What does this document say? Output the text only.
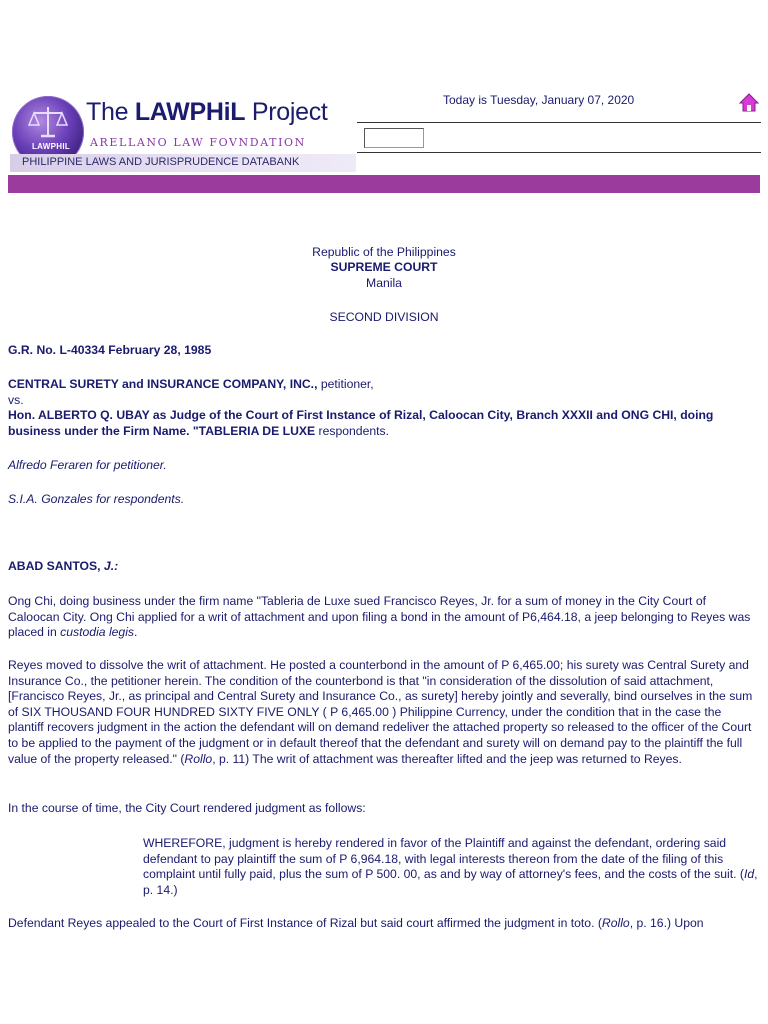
LAWPHIL
The LAWPHiL Project
ARELLANO LAW FOVNDATION
PHILIPPINE LAWS AND JURISPRUDENCE DATABANK
Today is Tuesday, January 07, 2020
Republic of the Philippines
SUPREME COURT
Manila
SECOND DIVISION
G.R. No. L-40334 February 28, 1985
CENTRAL SURETY and INSURANCE COMPANY, INC., petitioner,
vs.
Hon. ALBERTO Q. UBAY as Judge of the Court of First Instance of Rizal, Caloocan City, Branch XXXII and ONG CHI, doing business under the Firm Name. "TABLERIA DE LUXE respondents.
Alfredo Feraren for petitioner.
S.I.A. Gonzales for respondents.
ABAD SANTOS, J.:
Ong Chi, doing business under the firm name "Tableria de Luxe sued Francisco Reyes, Jr. for a sum of money in the City Court of Caloocan City. Ong Chi applied for a writ of attachment and upon filing a bond in the amount of P6,464.18, a jeep belonging to Reyes was placed in custodia legis.
Reyes moved to dissolve the writ of attachment. He posted a counterbond in the amount of P 6,465.00; his surety was Central Surety and Insurance Co., the petitioner herein. The condition of the counterbond is that "in consideration of the dissolution of said attachment, [Francisco Reyes, Jr., as principal and Central Surety and Insurance Co., as surety] hereby jointly and severally, bind ourselves in the sum of SIX THOUSAND FOUR HUNDRED SIXTY FIVE ONLY ( P 6,465.00 ) Philippine Currency, under the condition that in the case the plantiff recovers judgment in the action the defendant will on demand redeliver the attached property so released to the officer of the Court to be applied to the payment of the judgment or in default thereof that the defendant and surety will on demand pay to the plaintiff the full value of the property released." (Rollo, p. 11) The writ of attachment was thereafter lifted and the jeep was returned to Reyes.
In the course of time, the City Court rendered judgment as follows:
WHEREFORE, judgment is hereby rendered in favor of the Plaintiff and against the defendant, ordering said defendant to pay plaintiff the sum of P 6,964.18, with legal interests thereon from the date of the filing of this complaint until fully paid, plus the sum of P 500. 00, as and by way of attorney's fees, and the costs of the suit. (Id, p. 14.)
Defendant Reyes appealed to the Court of First Instance of Rizal but said court affirmed the judgment in toto. (Rollo, p. 16.) Upon
